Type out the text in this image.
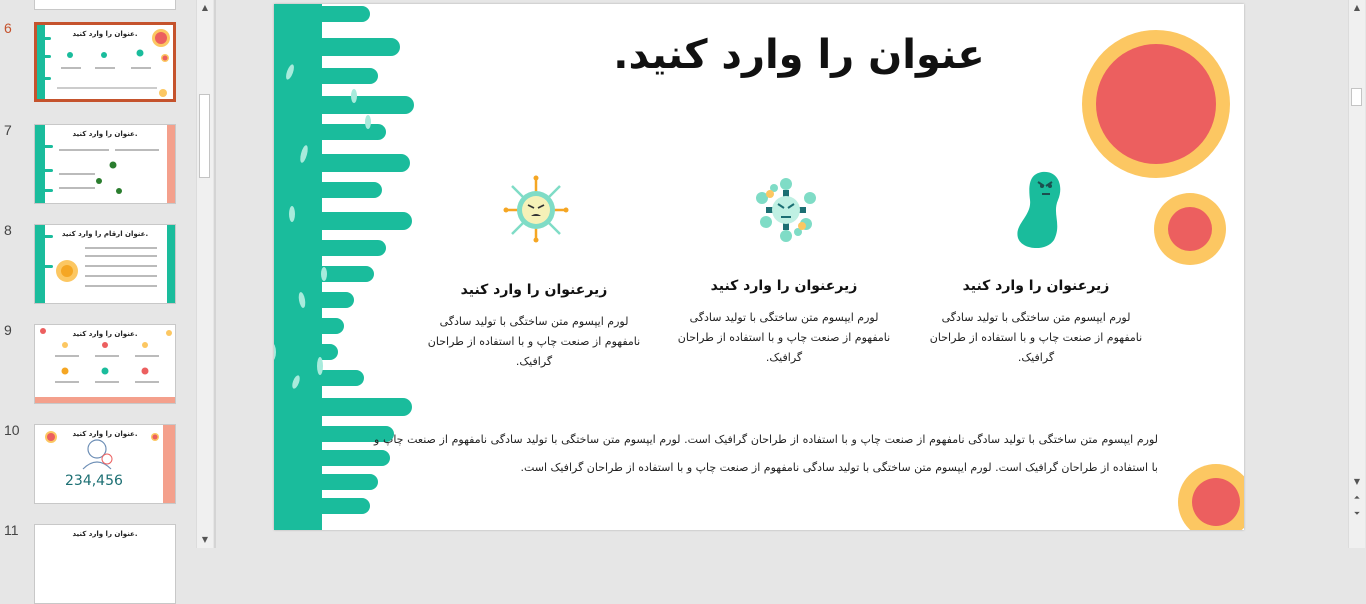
6	عنوان را وارد کنید.
7	عنوان را وارد کنید.
8	عنوان ارقام را وارد کنید.
9	عنوان را وارد کنید.
10	عنوان را وارد کنید.
234,456
11	عنوان را وارد کنید.
▲
▼
عنوان را وارد کنید.
زیرعنوان را وارد کنید
لورم ایپسوم متن ساختگی با تولید سادگی نامفهوم از صنعت چاپ و با استفاده از طراحان گرافیک.
زیرعنوان را وارد کنید
لورم ایپسوم متن ساختگی با تولید سادگی نامفهوم از صنعت چاپ و با استفاده از طراحان گرافیک.
زیرعنوان را وارد کنید
لورم ایپسوم متن ساختگی با تولید سادگی نامفهوم از صنعت چاپ و با استفاده از طراحان گرافیک.
لورم ایپسوم متن ساختگی با تولید سادگی نامفهوم از صنعت چاپ و با استفاده از طراحان گرافیک است. لورم ایپسوم متن ساختگی با تولید سادگی نامفهوم از صنعت چاپ و با استفاده از طراحان گرافیک است. لورم ایپسوم متن ساختگی با تولید سادگی نامفهوم از صنعت چاپ و با استفاده از طراحان گرافیک است.
▲
▼
⏶
⏷
